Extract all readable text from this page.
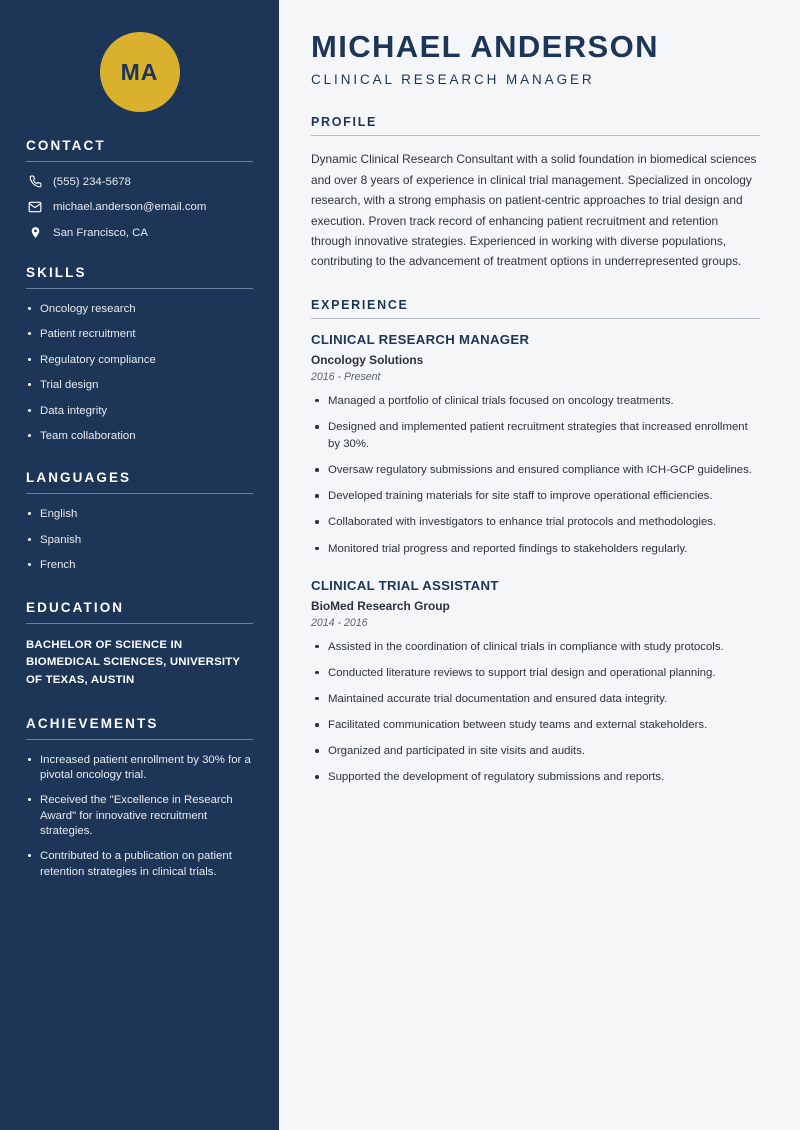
MA
CONTACT
(555) 234-5678
michael.anderson@email.com
San Francisco, CA
SKILLS
Oncology research
Patient recruitment
Regulatory compliance
Trial design
Data integrity
Team collaboration
LANGUAGES
English
Spanish
French
EDUCATION
BACHELOR OF SCIENCE IN BIOMEDICAL SCIENCES, UNIVERSITY OF TEXAS, AUSTIN
ACHIEVEMENTS
Increased patient enrollment by 30% for a pivotal oncology trial.
Received the "Excellence in Research Award" for innovative recruitment strategies.
Contributed to a publication on patient retention strategies in clinical trials.
MICHAEL ANDERSON
CLINICAL RESEARCH MANAGER
PROFILE

Dynamic Clinical Research Consultant with a solid foundation in biomedical sciences and over 8 years of experience in clinical trial management. Specialized in oncology research, with a strong emphasis on patient-centric approaches to trial design and execution. Proven track record of enhancing patient recruitment and retention through innovative strategies. Experienced in working with diverse populations, contributing to the advancement of treatment options in underrepresented groups.

EXPERIENCE
CLINICAL RESEARCH MANAGER
Oncology Solutions
2016 - Present
Managed a portfolio of clinical trials focused on oncology treatments.
Designed and implemented patient recruitment strategies that increased enrollment by 30%.
Oversaw regulatory submissions and ensured compliance with ICH-GCP guidelines.
Developed training materials for site staff to improve operational efficiencies.
Collaborated with investigators to enhance trial protocols and methodologies.
Monitored trial progress and reported findings to stakeholders regularly.
CLINICAL TRIAL ASSISTANT
BioMed Research Group
2014 - 2016
Assisted in the coordination of clinical trials in compliance with study protocols.
Conducted literature reviews to support trial design and operational planning.
Maintained accurate trial documentation and ensured data integrity.
Facilitated communication between study teams and external stakeholders.
Organized and participated in site visits and audits.
Supported the development of regulatory submissions and reports.
